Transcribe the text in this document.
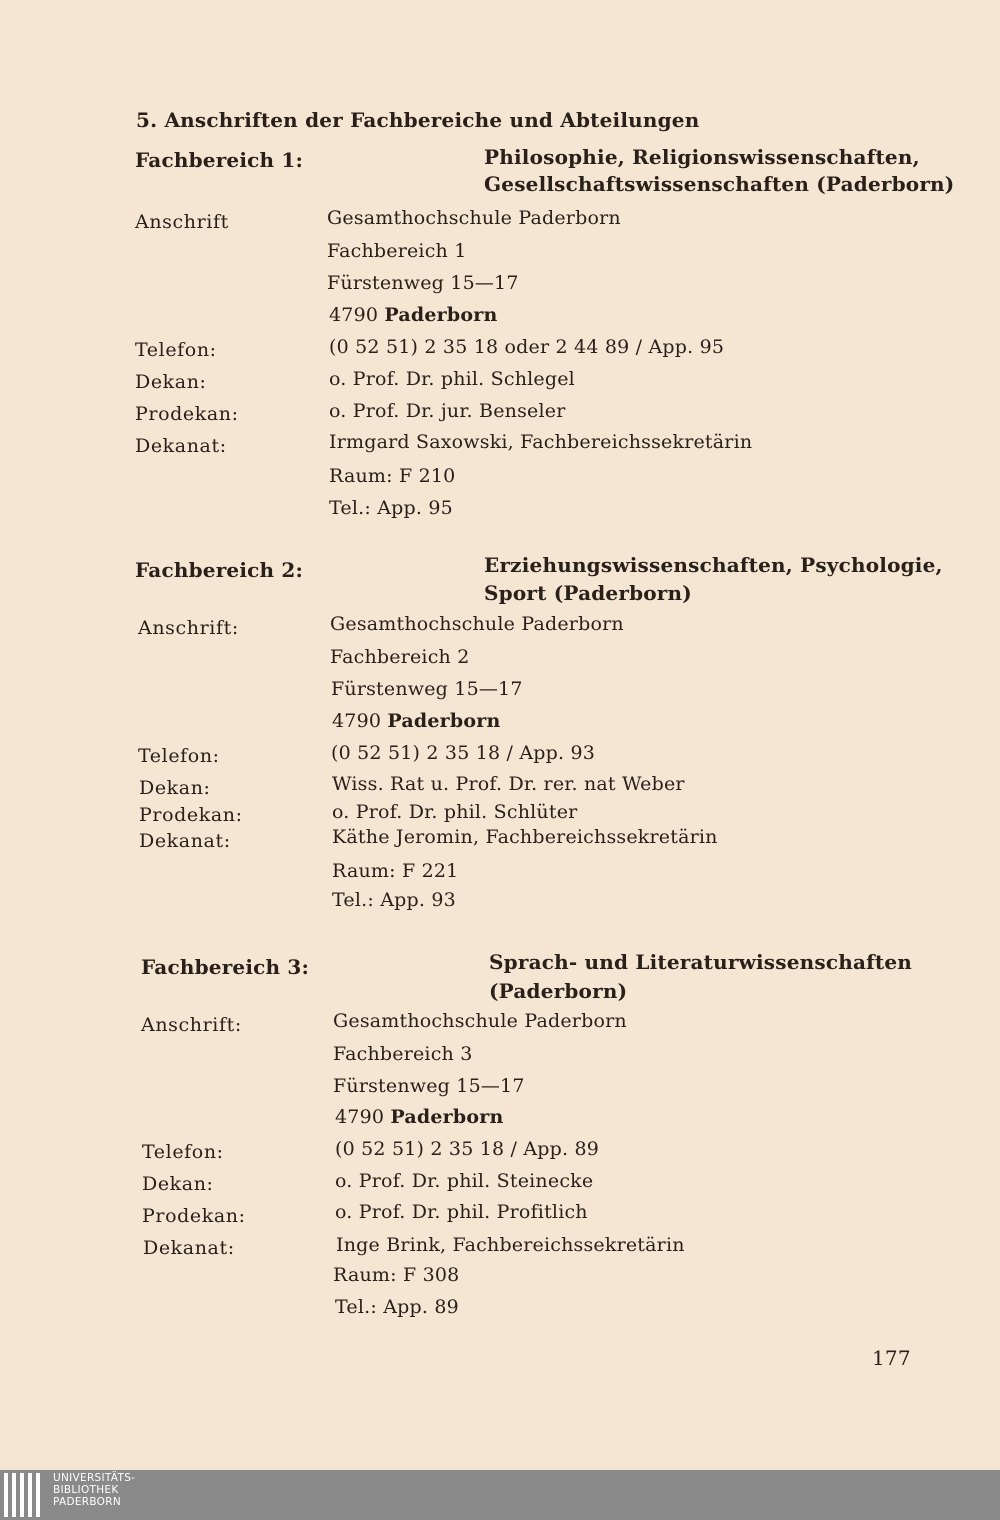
5. Anschriften der Fachbereiche und Abteilungen
Fachbereich 1:	Philosophie, Religionswissenschaften,
Gesellschaftswissenschaften (Paderborn)
Anschrift	Gesamthochschule Paderborn
Fachbereich 1
Fürstenweg 15—17
4790 Paderborn
Telefon:	(0 52 51) 2 35 18 oder 2 44 89 / App. 95
Dekan:	o. Prof. Dr. phil. Schlegel
Prodekan:	o. Prof. Dr. jur. Benseler
Dekanat:	Irmgard Saxowski, Fachbereichssekretärin
Raum: F 210
Tel.: App. 95
Fachbereich 2:	Erziehungswissenschaften, Psychologie,
Sport (Paderborn)
Anschrift:	Gesamthochschule Paderborn
Fachbereich 2
Fürstenweg 15—17
4790 Paderborn
Telefon:	(0 52 51) 2 35 18 / App. 93
Dekan:	Wiss. Rat u. Prof. Dr. rer. nat Weber
Prodekan:	o. Prof. Dr. phil. Schlüter
Dekanat:	Käthe Jeromin, Fachbereichssekretärin
Raum: F 221
Tel.: App. 93
Fachbereich 3:	Sprach- und Literaturwissenschaften
(Paderborn)
Anschrift:	Gesamthochschule Paderborn
Fachbereich 3
Fürstenweg 15—17
4790 Paderborn
Telefon:	(0 52 51) 2 35 18 / App. 89
Dekan:	o. Prof. Dr. phil. Steinecke
Prodekan:	o. Prof. Dr. phil. Profitlich
Dekanat:	Inge Brink, Fachbereichssekretärin
Raum: F 308
Tel.: App. 89
177
UNIVERSITÄTS-
BIBLIOTHEK
PADERBORN
